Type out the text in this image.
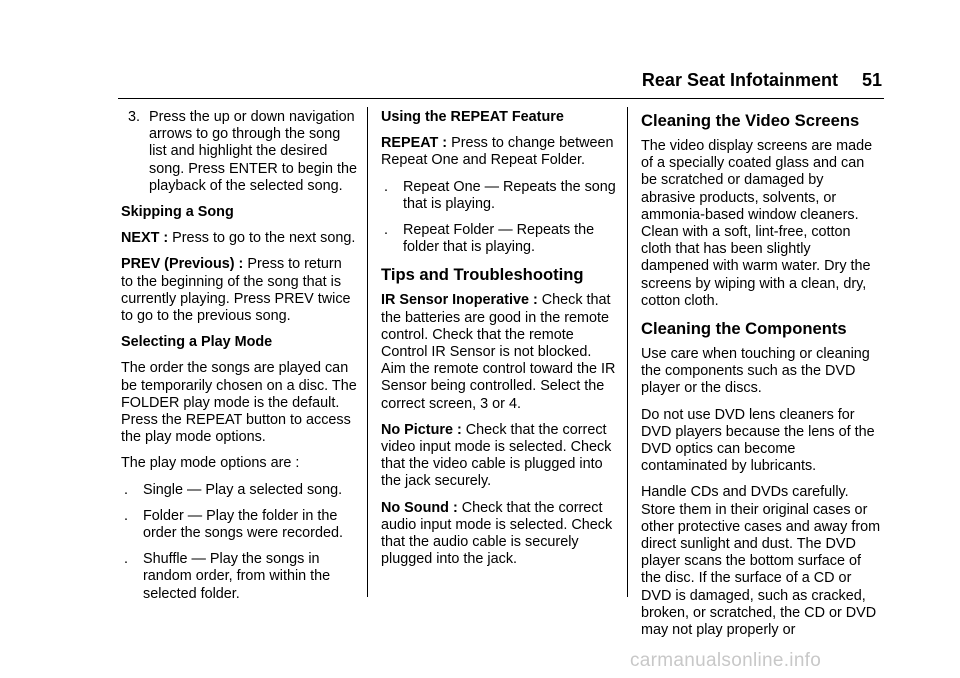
Rear Seat Infotainment 51
3. Press the up or down navigation arrows to go through the song list and highlight the desired song. Press ENTER to begin the playback of the selected song.

Skipping a Song

NEXT : Press to go to the next song.

PREV (Previous) : Press to return to the beginning of the song that is currently playing. Press PREV twice to go to the previous song.

Selecting a Play Mode

The order the songs are played can be temporarily chosen on a disc. The FOLDER play mode is the default. Press the REPEAT button to access the play mode options.

The play mode options are :

.	Single — Play a selected song.
.	Folder — Play the folder in the order the songs were recorded.
.	Shuffle — Play the songs in random order, from within the selected folder.

Using the REPEAT Feature

REPEAT : Press to change between Repeat One and Repeat Folder.

.	Repeat One — Repeats the song that is playing.
.	Repeat Folder — Repeats the folder that is playing.
Tips and Troubleshooting

IR Sensor Inoperative : Check that the batteries are good in the remote control. Check that the remote Control IR Sensor is not blocked. Aim the remote control toward the IR Sensor being controlled. Select the correct screen, 3 or 4.

No Picture : Check that the correct video input mode is selected. Check that the video cable is plugged into the jack securely.

No Sound : Check that the correct audio input mode is selected. Check that the audio cable is securely plugged into the jack.

Cleaning the Video Screens

The video display screens are made of a specially coated glass and can be scratched or damaged by abrasive products, solvents, or ammonia-based window cleaners. Clean with a soft, lint-free, cotton cloth that has been slightly dampened with warm water. Dry the screens by wiping with a clean, dry, cotton cloth.

Cleaning the Components

Use care when touching or cleaning the components such as the DVD player or the discs.

Do not use DVD lens cleaners for DVD players because the lens of the DVD optics can become contaminated by lubricants.

Handle CDs and DVDs carefully. Store them in their original cases or other protective cases and away from direct sunlight and dust. The DVD player scans the bottom surface of the disc. If the surface of a CD or DVD is damaged, such as cracked, broken, or scratched, the CD or DVD may not play properly or

carmanualsonline.info
